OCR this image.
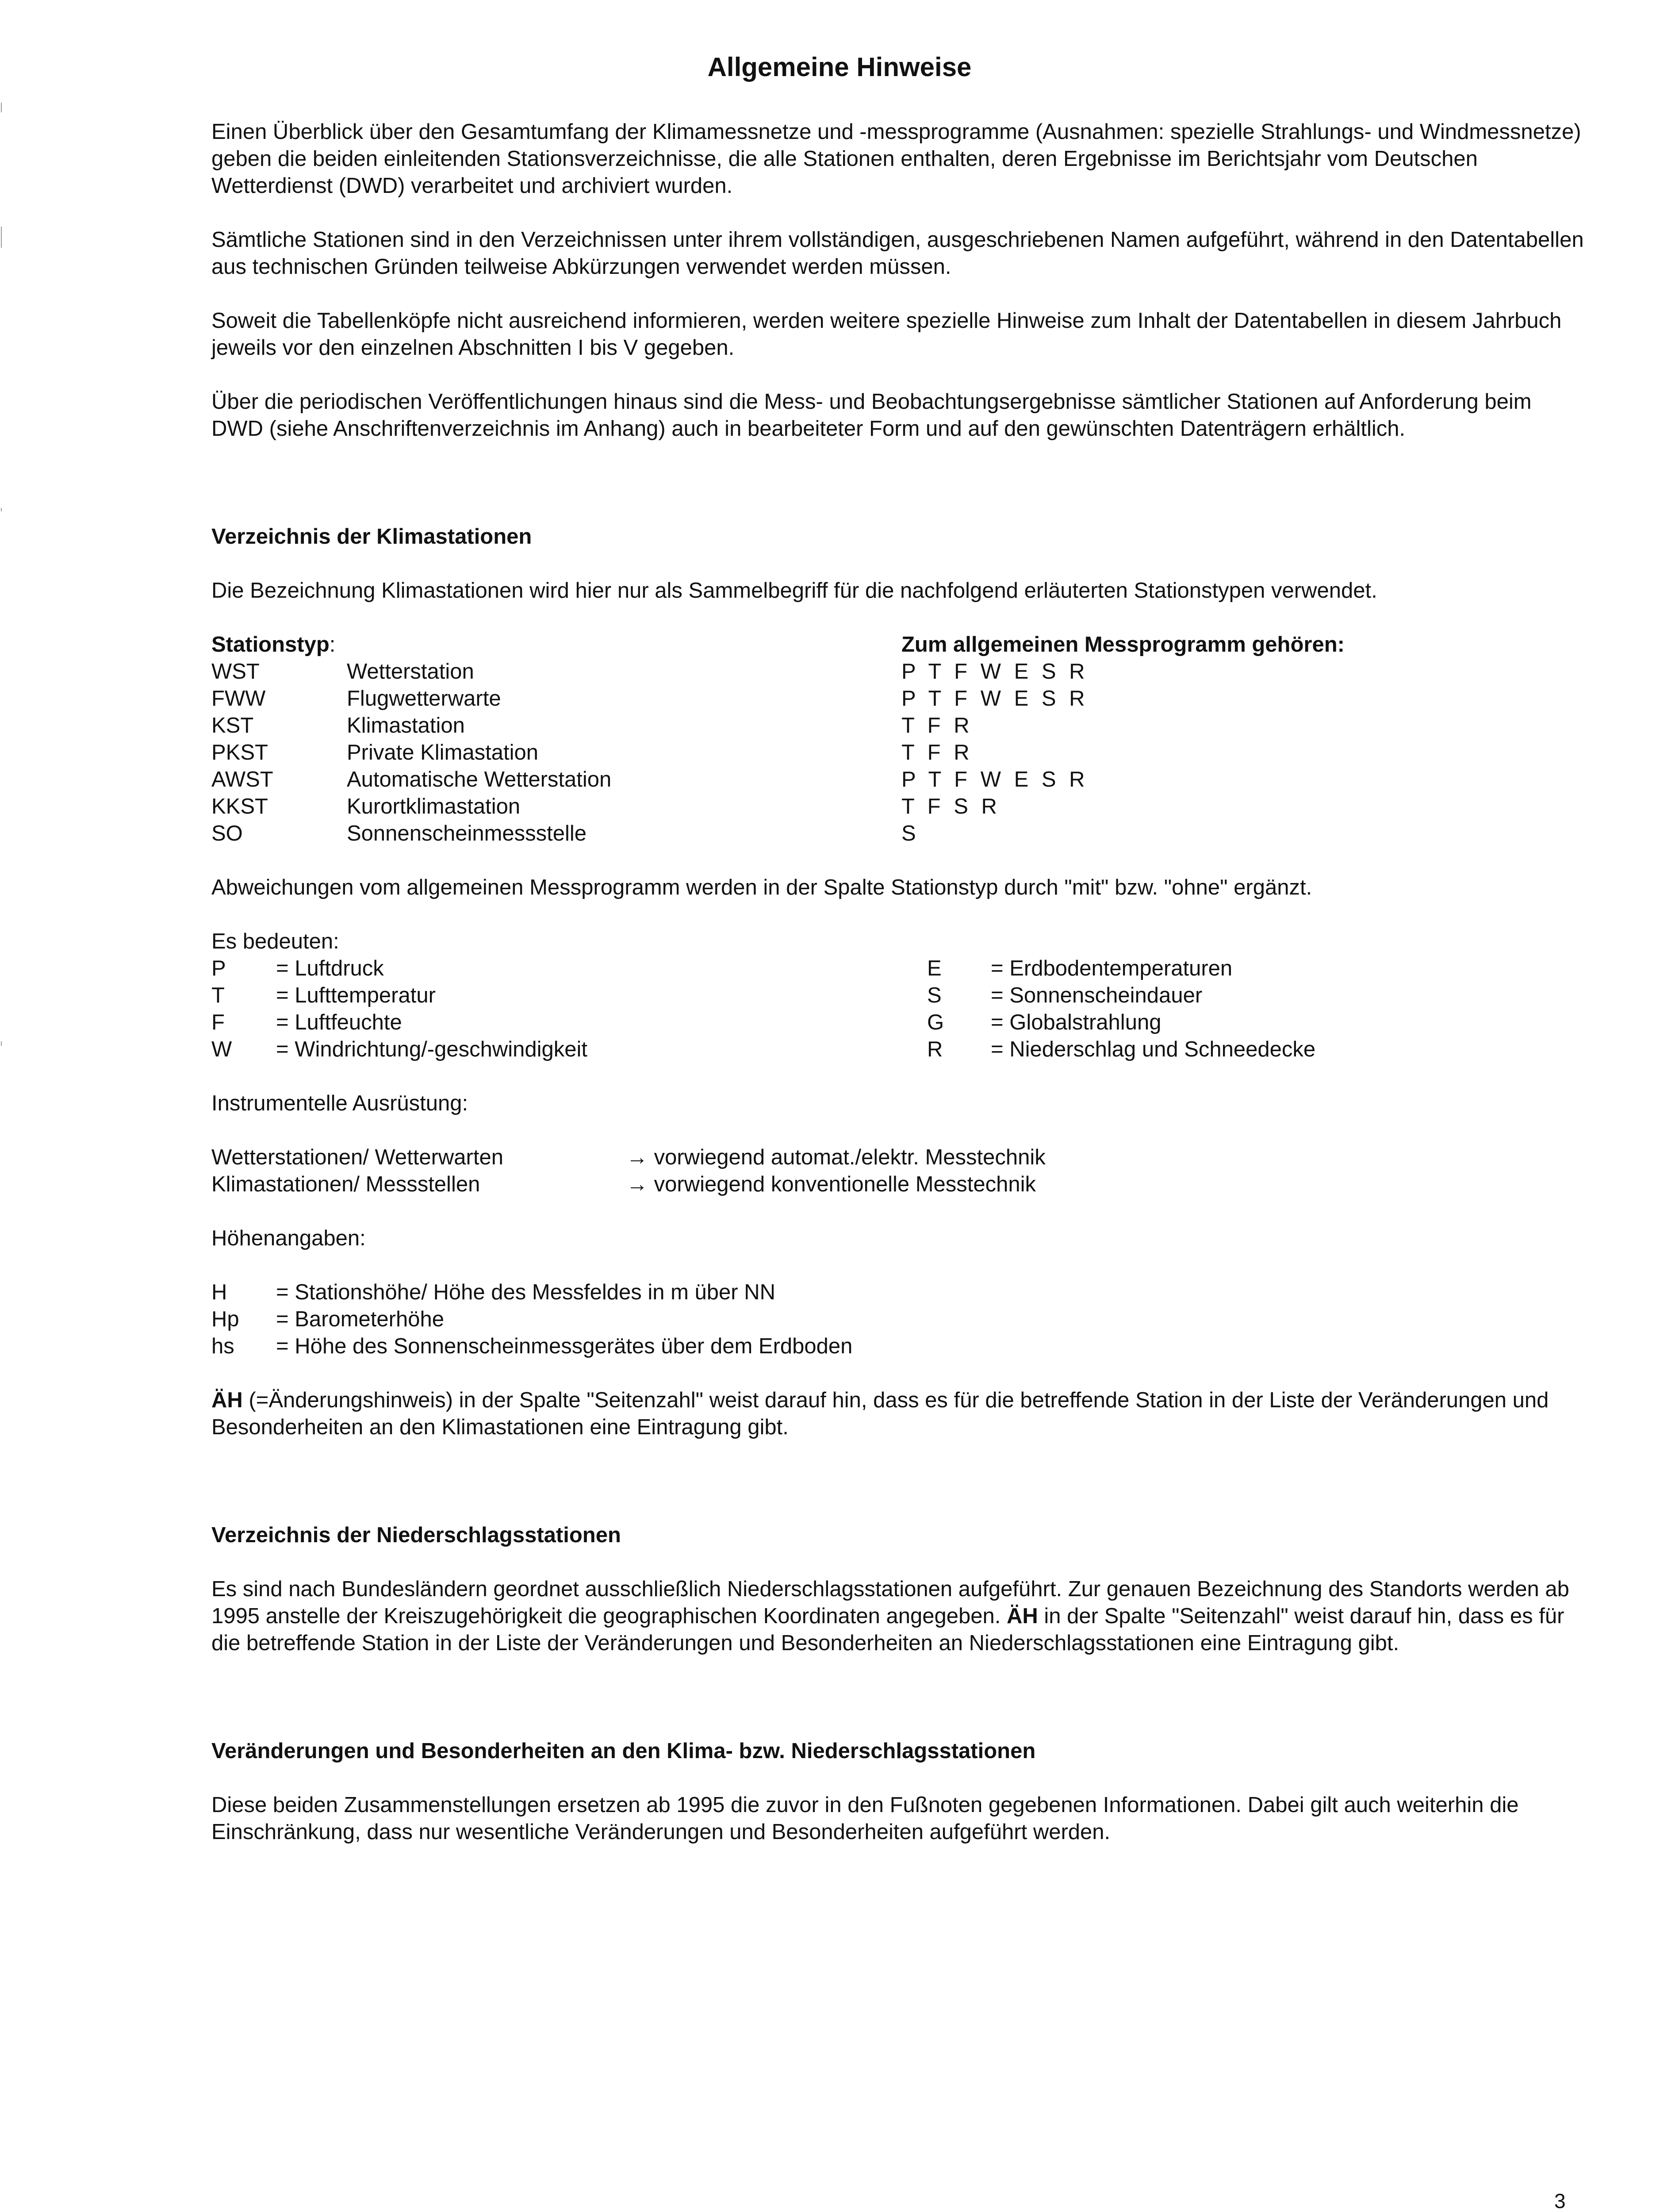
Allgemeine Hinweise

Einen Überblick über den Gesamtumfang der Klimamessnetze und -messprogramme (Ausnahmen: spezielle Strahlungs- und Windmessnetze) geben die beiden einleitenden Stationsverzeichnisse, die alle Stationen enthalten, deren Ergebnisse im Berichtsjahr vom Deutschen Wetterdienst (DWD) verarbeitet und archiviert wurden.

Sämtliche Stationen sind in den Verzeichnissen unter ihrem vollständigen, ausgeschriebenen Namen aufgeführt, während in den Datentabellen aus technischen Gründen teilweise Abkürzungen verwendet werden müssen.

Soweit die Tabellenköpfe nicht ausreichend informieren, werden weitere spezielle Hinweise zum Inhalt der Datentabellen in diesem Jahrbuch jeweils vor den einzelnen Abschnitten I bis V gegeben.

Über die periodischen Veröffentlichungen hinaus sind die Mess- und Beobachtungsergebnisse sämtlicher Stationen auf Anforderung beim DWD (siehe Anschriftenverzeichnis im Anhang) auch in bearbeiteter Form und auf den gewünschten Datenträgern erhältlich.

Verzeichnis der Klimastationen

Die Bezeichnung Klimastationen wird hier nur als Sammelbegriff für die nachfolgend erläuterten Stationstypen verwendet.

Stationstyp:	Zum allgemeinen Messprogramm gehören:
WST	Wetterstation	P T F W E S R
FWW	Flugwetterwarte	P T F W E S R
KST	Klimastation	T F R
PKST	Private Klimastation	T F R
AWST	Automatische Wetterstation	P T F W E S R
KKST	Kurortklimastation	T F S R
SO	Sonnenscheinmessstelle	S

Abweichungen vom allgemeinen Messprogramm werden in der Spalte Stationstyp durch "mit" bzw. "ohne" ergänzt.

Es bedeuten:

P = Luftdruck	E = Erdbodentemperaturen
T = Lufttemperatur	S = Sonnenscheindauer
F = Luftfeuchte	G = Globalstrahlung
W = Windrichtung/-geschwindigkeit	R = Niederschlag und Schneedecke

Instrumentelle Ausrüstung:

Wetterstationen/ Wetterwarten	→ vorwiegend automat./elektr. Messtechnik
Klimastationen/ Messstellen	→ vorwiegend konventionelle Messtechnik

Höhenangaben:

H = Stationshöhe/ Höhe des Messfeldes in m über NN
Hp = Barometerhöhe
hs = Höhe des Sonnenscheinmessgerätes über dem Erdboden

ÄH (=Änderungshinweis) in der Spalte "Seitenzahl" weist darauf hin, dass es für die betreffende Station in der Liste der Veränderungen und Besonderheiten an den Klimastationen eine Eintragung gibt.

Verzeichnis der Niederschlagsstationen

Es sind nach Bundesländern geordnet ausschließlich Niederschlagsstationen aufgeführt. Zur genauen Bezeichnung des Standorts werden ab 1995 anstelle der Kreiszugehörigkeit die geographischen Koordinaten angegeben. ÄH in der Spalte "Seitenzahl" weist darauf hin, dass es für die betreffende Station in der Liste der Veränderungen und Besonderheiten an Niederschlagsstationen eine Eintragung gibt.

Veränderungen und Besonderheiten an den Klima- bzw. Niederschlagsstationen

Diese beiden Zusammenstellungen ersetzen ab 1995 die zuvor in den Fußnoten gegebenen Informationen. Dabei gilt auch weiterhin die Einschränkung, dass nur wesentliche Veränderungen und Besonderheiten aufgeführt werden.

3
